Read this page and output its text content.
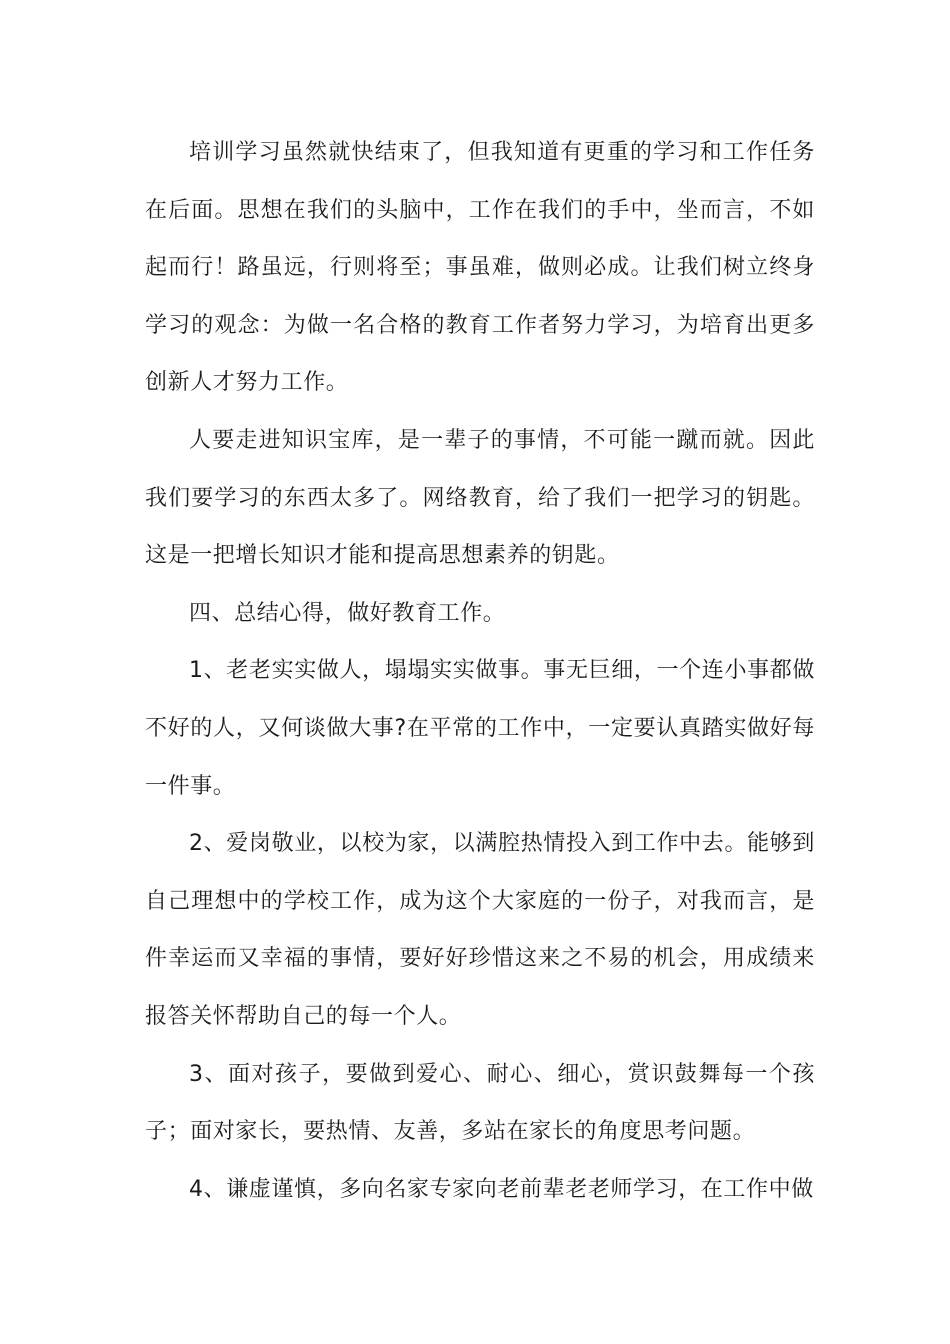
培训学习虽然就快结束了，但我知道有更重的学习和工作任务在后面。思想在我们的头脑中，工作在我们的手中，坐而言，不如起而行！路虽远，行则将至；事虽难，做则必成。让我们树立终身学习的观念：为做一名合格的教育工作者努力学习，为培育出更多创新人才努力工作。

人要走进知识宝库，是一辈子的事情，不可能一蹴而就。因此我们要学习的东西太多了。网络教育，给了我们一把学习的钥匙。这是一把增长知识才能和提高思想素养的钥匙。

四、总结心得，做好教育工作。

1、老老实实做人，塌塌实实做事。事无巨细，一个连小事都做不好的人，又何谈做大事?在平常的工作中，一定要认真踏实做好每一件事。

2、爱岗敬业，以校为家，以满腔热情投入到工作中去。能够到自己理想中的学校工作，成为这个大家庭的一份子，对我而言，是件幸运而又幸福的事情，要好好珍惜这来之不易的机会，用成绩来报答关怀帮助自己的每一个人。

3、面对孩子，要做到爱心、耐心、细心，赏识鼓舞每一个孩子；面对家长，要热情、友善，多站在家长的角度思考问题。

4、谦虚谨慎，多向名家专家向老前辈老老师学习，在工作中做
